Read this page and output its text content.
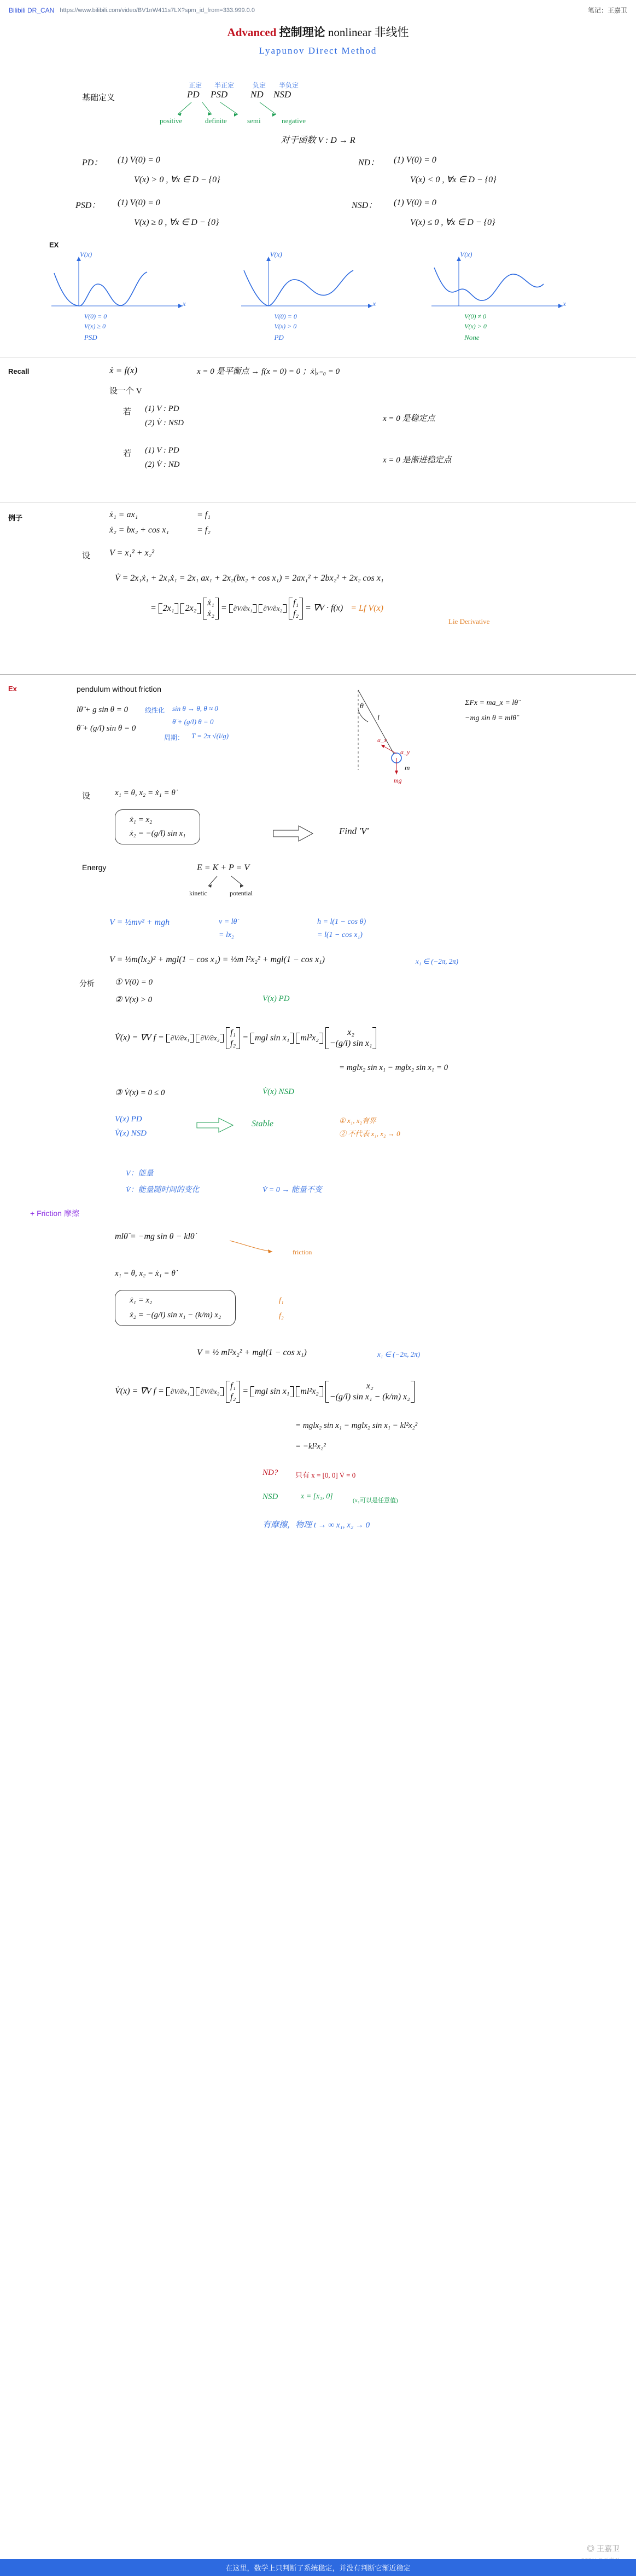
Bilibili DR_CAN https://www.bilibili.com/video/BV1nW411s7LX?spm_id_from=333.999.0.0	笔记：王嘉卫
Advanced 控制理论 nonlinear 非线性
Lyapunov Direct Method
基础定义
正定 半正定	负定 半负定
PD PSD ND NSD
positive	definite	semi	negative
对于函数 V : D → R
PD： (1) V(0) = 0
V(x) > 0 , ∀x ∈ D − {0}
ND： (1) V(0) = 0
V(x) < 0 , ∀x ∈ D − {0}
PSD： (1) V(0) = 0
V(x) ≥ 0 , ∀x ∈ D − {0}
NSD： (1) V(0) = 0
V(x) ≤ 0 , ∀x ∈ D − {0}
EX
V(x)
x
V(0) = 0
V(x) ≥ 0
PSD
V(x)
x
V(0) = 0
V(x) > 0
PD
V(x)
x
V(0) ≠ 0
V(x) > 0
None
Recall	ẋ = f(x)	x = 0 是平衡点 → f(x = 0) = 0 ；ẋ|ₓ₌₀ = 0
设一个 V
若 (1) V : PD
(2) V̇ : NSD	x = 0 是稳定点
若 (1) V : PD
(2) V̇ : ND	x = 0 是渐进稳定点
例子	ẋ₁ = ax₁	= f₁
ẋ₂ = bx₂ + cos x₁	= f₂
设 V = x₁² + x₂²
V̇ = 2x₁ẋ₁ + 2x₁ẋ₁ = 2x₁ ax₁ + 2x₂(bx₂ + cos x₁) = 2ax₁² + 2bx₂² + 2x₂ cos x₁
= 2x₁
2x₂

ẋ₁
ẋ₂
= ∂V/∂x₁
∂V/∂x₂

f₁
f₂
= ∇V · f(x) = Lf V(x)
Lie Derivative
Ex	pendulum without friction
lθ̈ + g sin θ = 0
θ̈ + (g/l) sin θ = 0
线性化 sin θ → θ, θ ≈ 0
θ̈ + (g/l) θ = 0
周期： T = 2π √(l/g)
θ
l
m
a_x
a_y
mg
ΣFx = ma_x = lθ̈
−mg sin θ = mlθ̈
设	x₁ = θ, x₂ = ẋ₁ = θ̇
ẋ₁ = x₂
ẋ₂ = −(g/l) sin x₁	Find 'V'
Energy	E = K + P = V
kinetic	potential
V = ½mv² + mgh	v = lθ̇
= lx₂
h = l(1 − cos θ)
= l(1 − cos x₁)
V = ½m(lx₂)² + mgl(1 − cos x₁) = ½m l²x₂² + mgl(1 − cos x₁)	x₁ ∈ (−2π, 2π)
分析 ① V(0) = 0
② V(x) > 0	V(x) PD
V̇(x) = ∇V f = ∂V/∂x₁
∂V/∂x₂

f₁
f₂
= mgl sin x₁
ml²x₂

x₂
−(g/l) sin x₁
= mglx₂ sin x₁ − mglx₂ sin x₁ = 0
③ V̇(x) = 0 ≤ 0	V̇(x) NSD
V(x) PD
V̇(x) NSD
Stable	① x₁, x₂有界
② 不代表 x₁, x₂ → 0
V：能量
V̇：能量随时间的变化	V̇ = 0 → 能量不变
+ Friction 摩擦
mlθ̈ = −mg sin θ − klθ̇
friction
x₁ = θ, x₂ = ẋ₁ = θ̇
ẋ₁ = x₂
ẋ₂ = −(g/l) sin x₁ − (k/m) x₂
f₁
f₂
V = ½ ml²x₂² + mgl(1 − cos x₁)	x₁ ∈ (−2π, 2π)
V̇(x) = ∇V f = ∂V/∂x₁
∂V/∂x₂

f₁
f₂
= mgl sin x₁
ml²x₂

x₂
−(g/l) sin x₁ − (k/m) x₂
= mglx₂ sin x₁ − mglx₂ sin x₁ − kl²x₂²
= −kl²x₂²
ND? 只有 x = [0, 0] V̇ = 0
NSD	x = [x₁, 0]	(x₁可以是任意值)
有摩擦，物理 t → ∞ x₁, x₂ → 0
◎ 王嘉卫
在这里，数学上只判断了系统稳定，并没有判断它渐近稳定
